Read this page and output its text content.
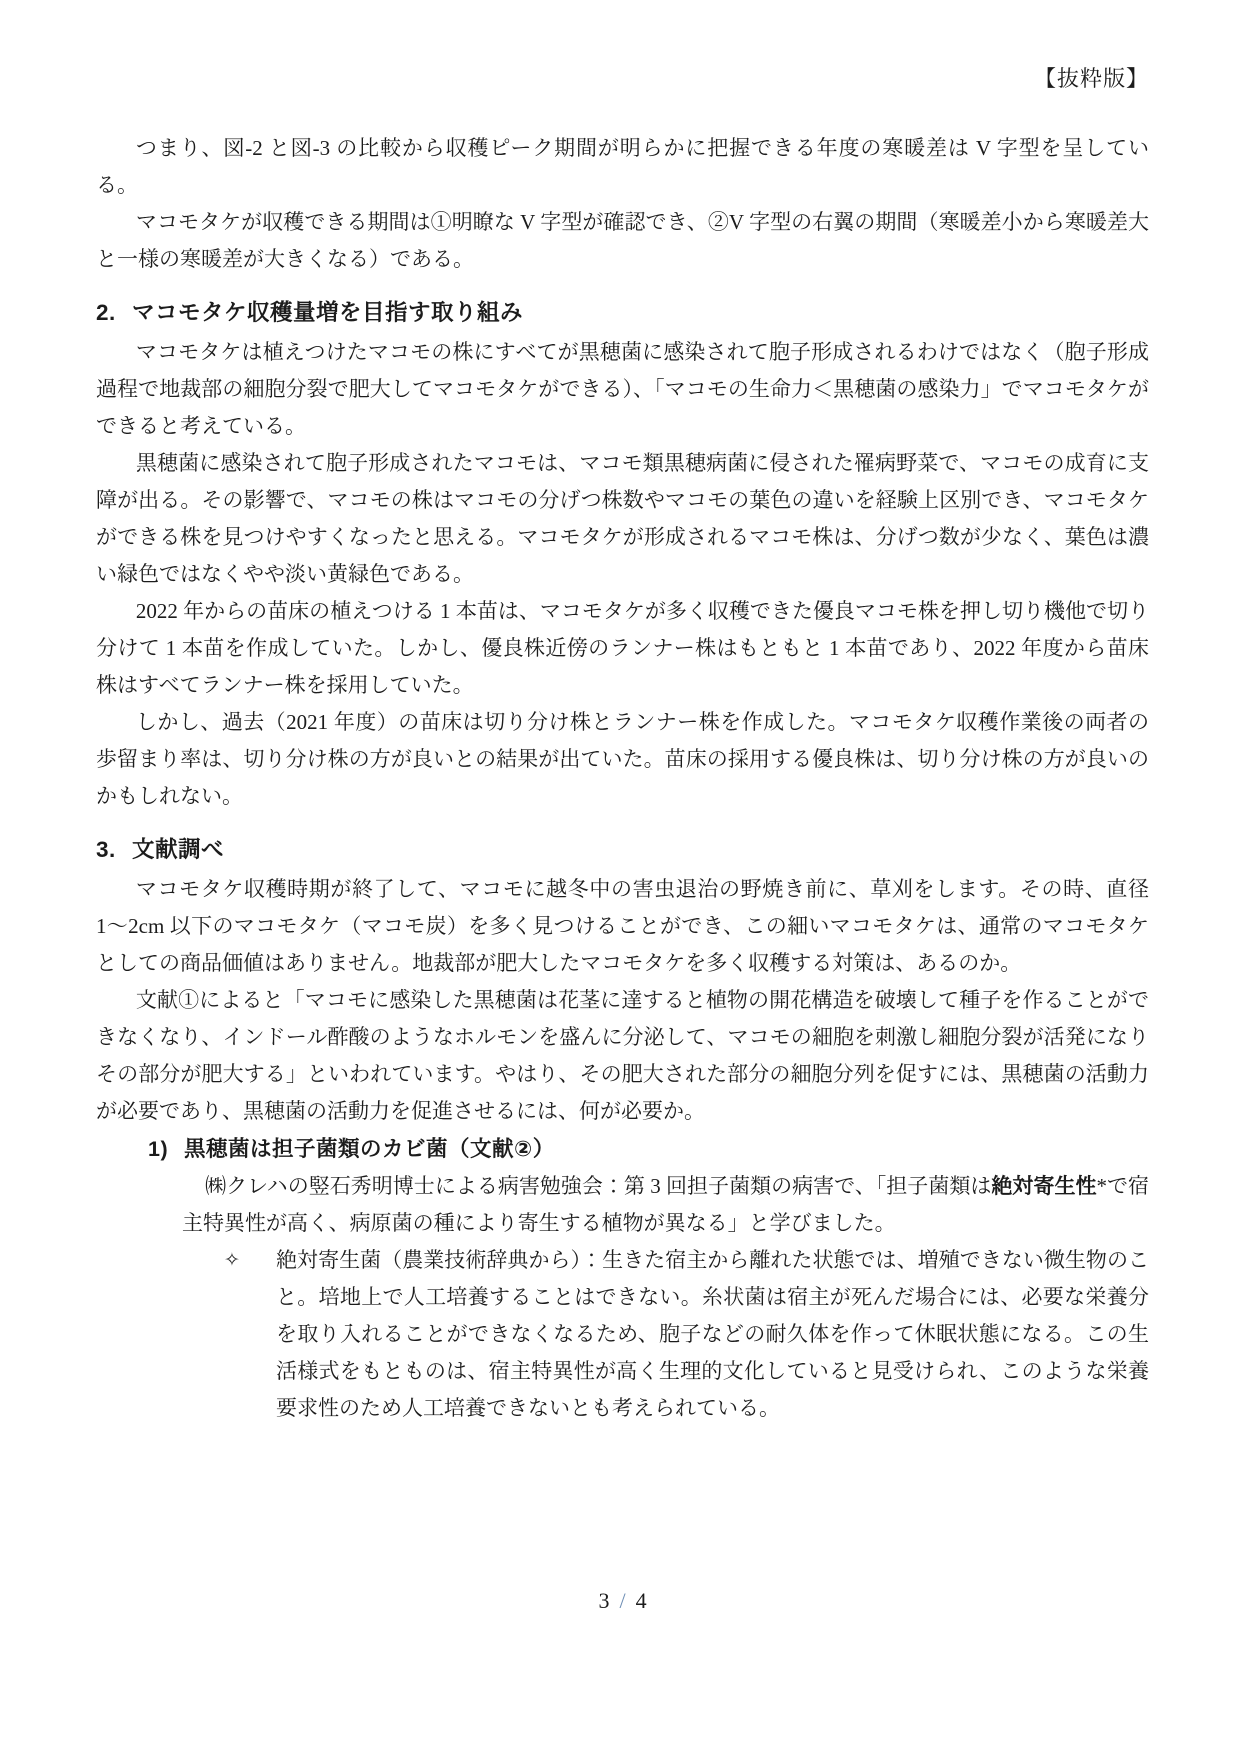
【抜粋版】

つまり、図-2 と図-3 の比較から収穫ピーク期間が明らかに把握できる年度の寒暖差は V 字型を呈している。

マコモタケが収穫できる期間は①明瞭な V 字型が確認でき、②V 字型の右翼の期間（寒暖差小から寒暖差大と一様の寒暖差が大きくなる）である。

2. マコモタケ収穫量増を目指す取り組み

マコモタケは植えつけたマコモの株にすべてが黒穂菌に感染されて胞子形成されるわけではなく（胞子形成過程で地裁部の細胞分裂で肥大してマコモタケができる）、「マコモの生命力＜黒穂菌の感染力」でマコモタケができると考えている。

黒穂菌に感染されて胞子形成されたマコモは、マコモ類黒穂病菌に侵された罹病野菜で、マコモの成育に支障が出る。その影響で、マコモの株はマコモの分げつ株数やマコモの葉色の違いを経験上区別でき、マコモタケができる株を見つけやすくなったと思える。マコモタケが形成されるマコモ株は、分げつ数が少なく、葉色は濃い緑色ではなくやや淡い黄緑色である。

2022 年からの苗床の植えつける 1 本苗は、マコモタケが多く収穫できた優良マコモ株を押し切り機他で切り分けて 1 本苗を作成していた。しかし、優良株近傍のランナー株はもともと 1 本苗であり、2022 年度から苗床株はすべてランナー株を採用していた。

しかし、過去（2021 年度）の苗床は切り分け株とランナー株を作成した。マコモタケ収穫作業後の両者の歩留まり率は、切り分け株の方が良いとの結果が出ていた。苗床の採用する優良株は、切り分け株の方が良いのかもしれない。

3. 文献調べ

マコモタケ収穫時期が終了して、マコモに越冬中の害虫退治の野焼き前に、草刈をします。その時、直径 1〜2cm 以下のマコモタケ（マコモ炭）を多く見つけることができ、この細いマコモタケは、通常のマコモタケとしての商品価値はありません。地裁部が肥大したマコモタケを多く収穫する対策は、あるのか。

文献①によると「マコモに感染した黒穂菌は花茎に達すると植物の開花構造を破壊して種子を作ることができなくなり、インドール酢酸のようなホルモンを盛んに分泌して、マコモの細胞を刺激し細胞分裂が活発になりその部分が肥大する」といわれています。やはり、その肥大された部分の細胞分列を促すには、黒穂菌の活動力が必要であり、黒穂菌の活動力を促進させるには、何が必要か。

1) 黒穂菌は担子菌類のカビ菌（文献②）

㈱クレハの竪石秀明博士による病害勉強会：第 3 回担子菌類の病害で、「担子菌類は絶対寄生性*で宿主特異性が高く、病原菌の種により寄生する植物が異なる」と学びました。

✧	絶対寄生菌（農業技術辞典から）：生きた宿主から離れた状態では、増殖できない微生物のこと。培地上で人工培養することはできない。糸状菌は宿主が死んだ場合には、必要な栄養分を取り入れることができなくなるため、胞子などの耐久体を作って休眠状態になる。この生活様式をもとものは、宿主特異性が高く生理的文化していると見受けられ、このような栄養要求性のため人工培養できないとも考えられている。
3 / 4
